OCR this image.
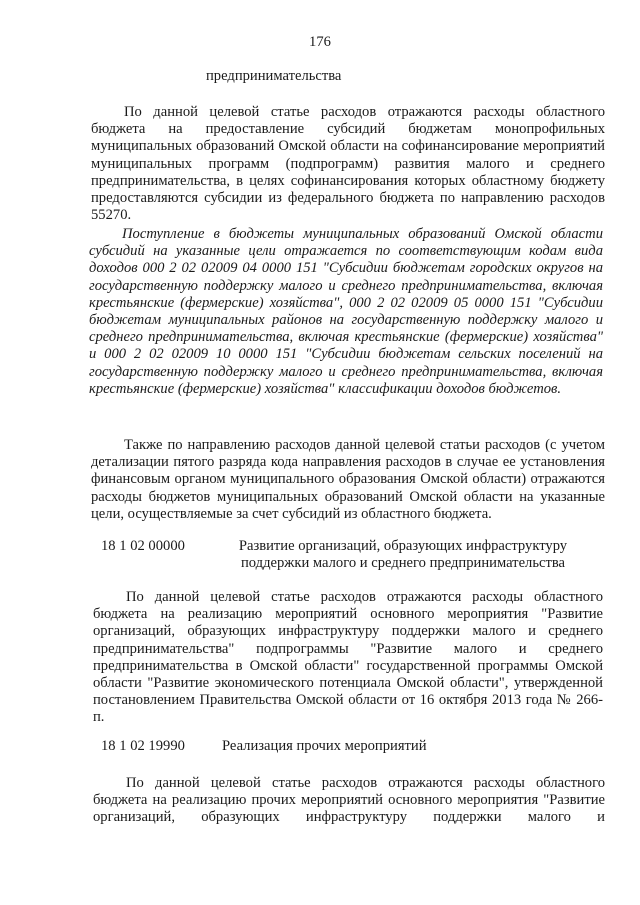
176

предпринимательства

По данной целевой статье расходов отражаются расходы областного бюджета на предоставление субсидий бюджетам монопрофильных муниципальных образований Омской области на софинансирование мероприятий муниципальных программ (подпрограмм) развития малого и среднего предпринимательства, в целях софинансирования которых областному бюджету предоставляются субсидии из федерального бюджета по направлению расходов 55270.

Поступление в бюджеты муниципальных образований Омской области субсидий на указанные цели отражается по соответствующим кодам вида доходов 000 2 02 02009 04 0000 151 "Субсидии бюджетам городских округов на государственную поддержку малого и среднего предпринимательства, включая крестьянские (фермерские) хозяйства", 000 2 02 02009 05 0000 151 "Субсидии бюджетам муниципальных районов на государственную поддержку малого и среднего предпринимательства, включая крестьянские (фермерские) хозяйства" и 000 2 02 02009 10 0000 151 "Субсидии бюджетам сельских поселений на государственную поддержку малого и среднего предпринимательства, включая крестьянские (фермерские) хозяйства" классификации доходов бюджетов.

Также по направлению расходов данной целевой статьи расходов (с учетом детализации пятого разряда кода направления расходов в случае ее установления финансовым органом муниципального образования Омской области) отражаются расходы бюджетов муниципальных образований Омской области на указанные цели, осуществляемые за счет субсидий из областного бюджета.

18 1 02 00000	Развитие организаций, образующих инфраструктуру поддержки малого и среднего предпринимательства

По данной целевой статье расходов отражаются расходы областного бюджета на реализацию мероприятий основного мероприятия "Развитие организаций, образующих инфраструктуру поддержки малого и среднего предпринимательства" подпрограммы "Развитие малого и среднего предпринимательства в Омской области" государственной программы Омской области "Развитие экономического потенциала Омской области", утвержденной постановлением Правительства Омской области от 16 октября 2013 года № 266-п.

18 1 02 19990	Реализация прочих мероприятий

По данной целевой статье расходов отражаются расходы областного бюджета на реализацию прочих мероприятий основного мероприятия "Развитие организаций, образующих инфраструктуру поддержки малого и
